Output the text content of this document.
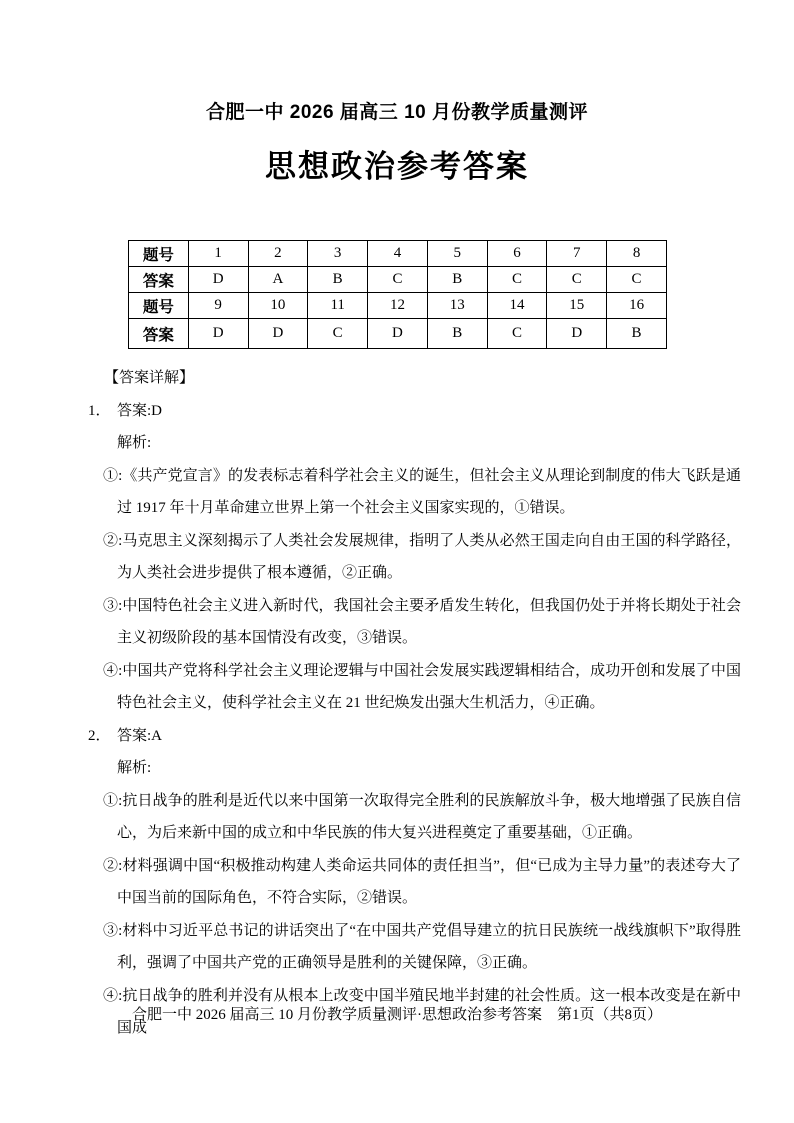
合肥一中 2026 届高三 10 月份教学质量测评
思想政治参考答案
题号	1	2	3	4	5	6	7	8
答案	D	A	B	C	B	C	C	C
题号	9	10	11	12	13	14	15	16
答案	D	D	C	D	B	C	D	B
【答案详解】
1． 答案:D
解析:

①:《共产党宣言》的发表标志着科学社会主义的诞生，但社会主义从理论到制度的伟大飞跃是通过 1917 年十月革命建立世界上第一个社会主义国家实现的，①错误。

②:马克思主义深刻揭示了人类社会发展规律，指明了人类从必然王国走向自由王国的科学路径，为人类社会进步提供了根本遵循，②正确。

③:中国特色社会主义进入新时代，我国社会主要矛盾发生转化，但我国仍处于并将长期处于社会主义初级阶段的基本国情没有改变，③错误。

④:中国共产党将科学社会主义理论逻辑与中国社会发展实践逻辑相结合，成功开创和发展了中国特色社会主义，使科学社会主义在 21 世纪焕发出强大生机活力，④正确。

2． 答案:A
解析:

①:抗日战争的胜利是近代以来中国第一次取得完全胜利的民族解放斗争，极大地增强了民族自信心，为后来新中国的成立和中华民族的伟大复兴进程奠定了重要基础，①正确。

②:材料强调中国“积极推动构建人类命运共同体的责任担当”，但“已成为主导力量”的表述夸大了中国当前的国际角色，不符合实际，②错误。

③:材料中习近平总书记的讲话突出了“在中国共产党倡导建立的抗日民族统一战线旗帜下”取得胜利，强调了中国共产党的正确领导是胜利的关键保障，③正确。

④:抗日战争的胜利并没有从根本上改变中国半殖民地半封建的社会性质。这一根本改变是在新中国成

合肥一中 2026 届高三 10 月份教学质量测评·思想政治参考答案　第1页（共8页）
